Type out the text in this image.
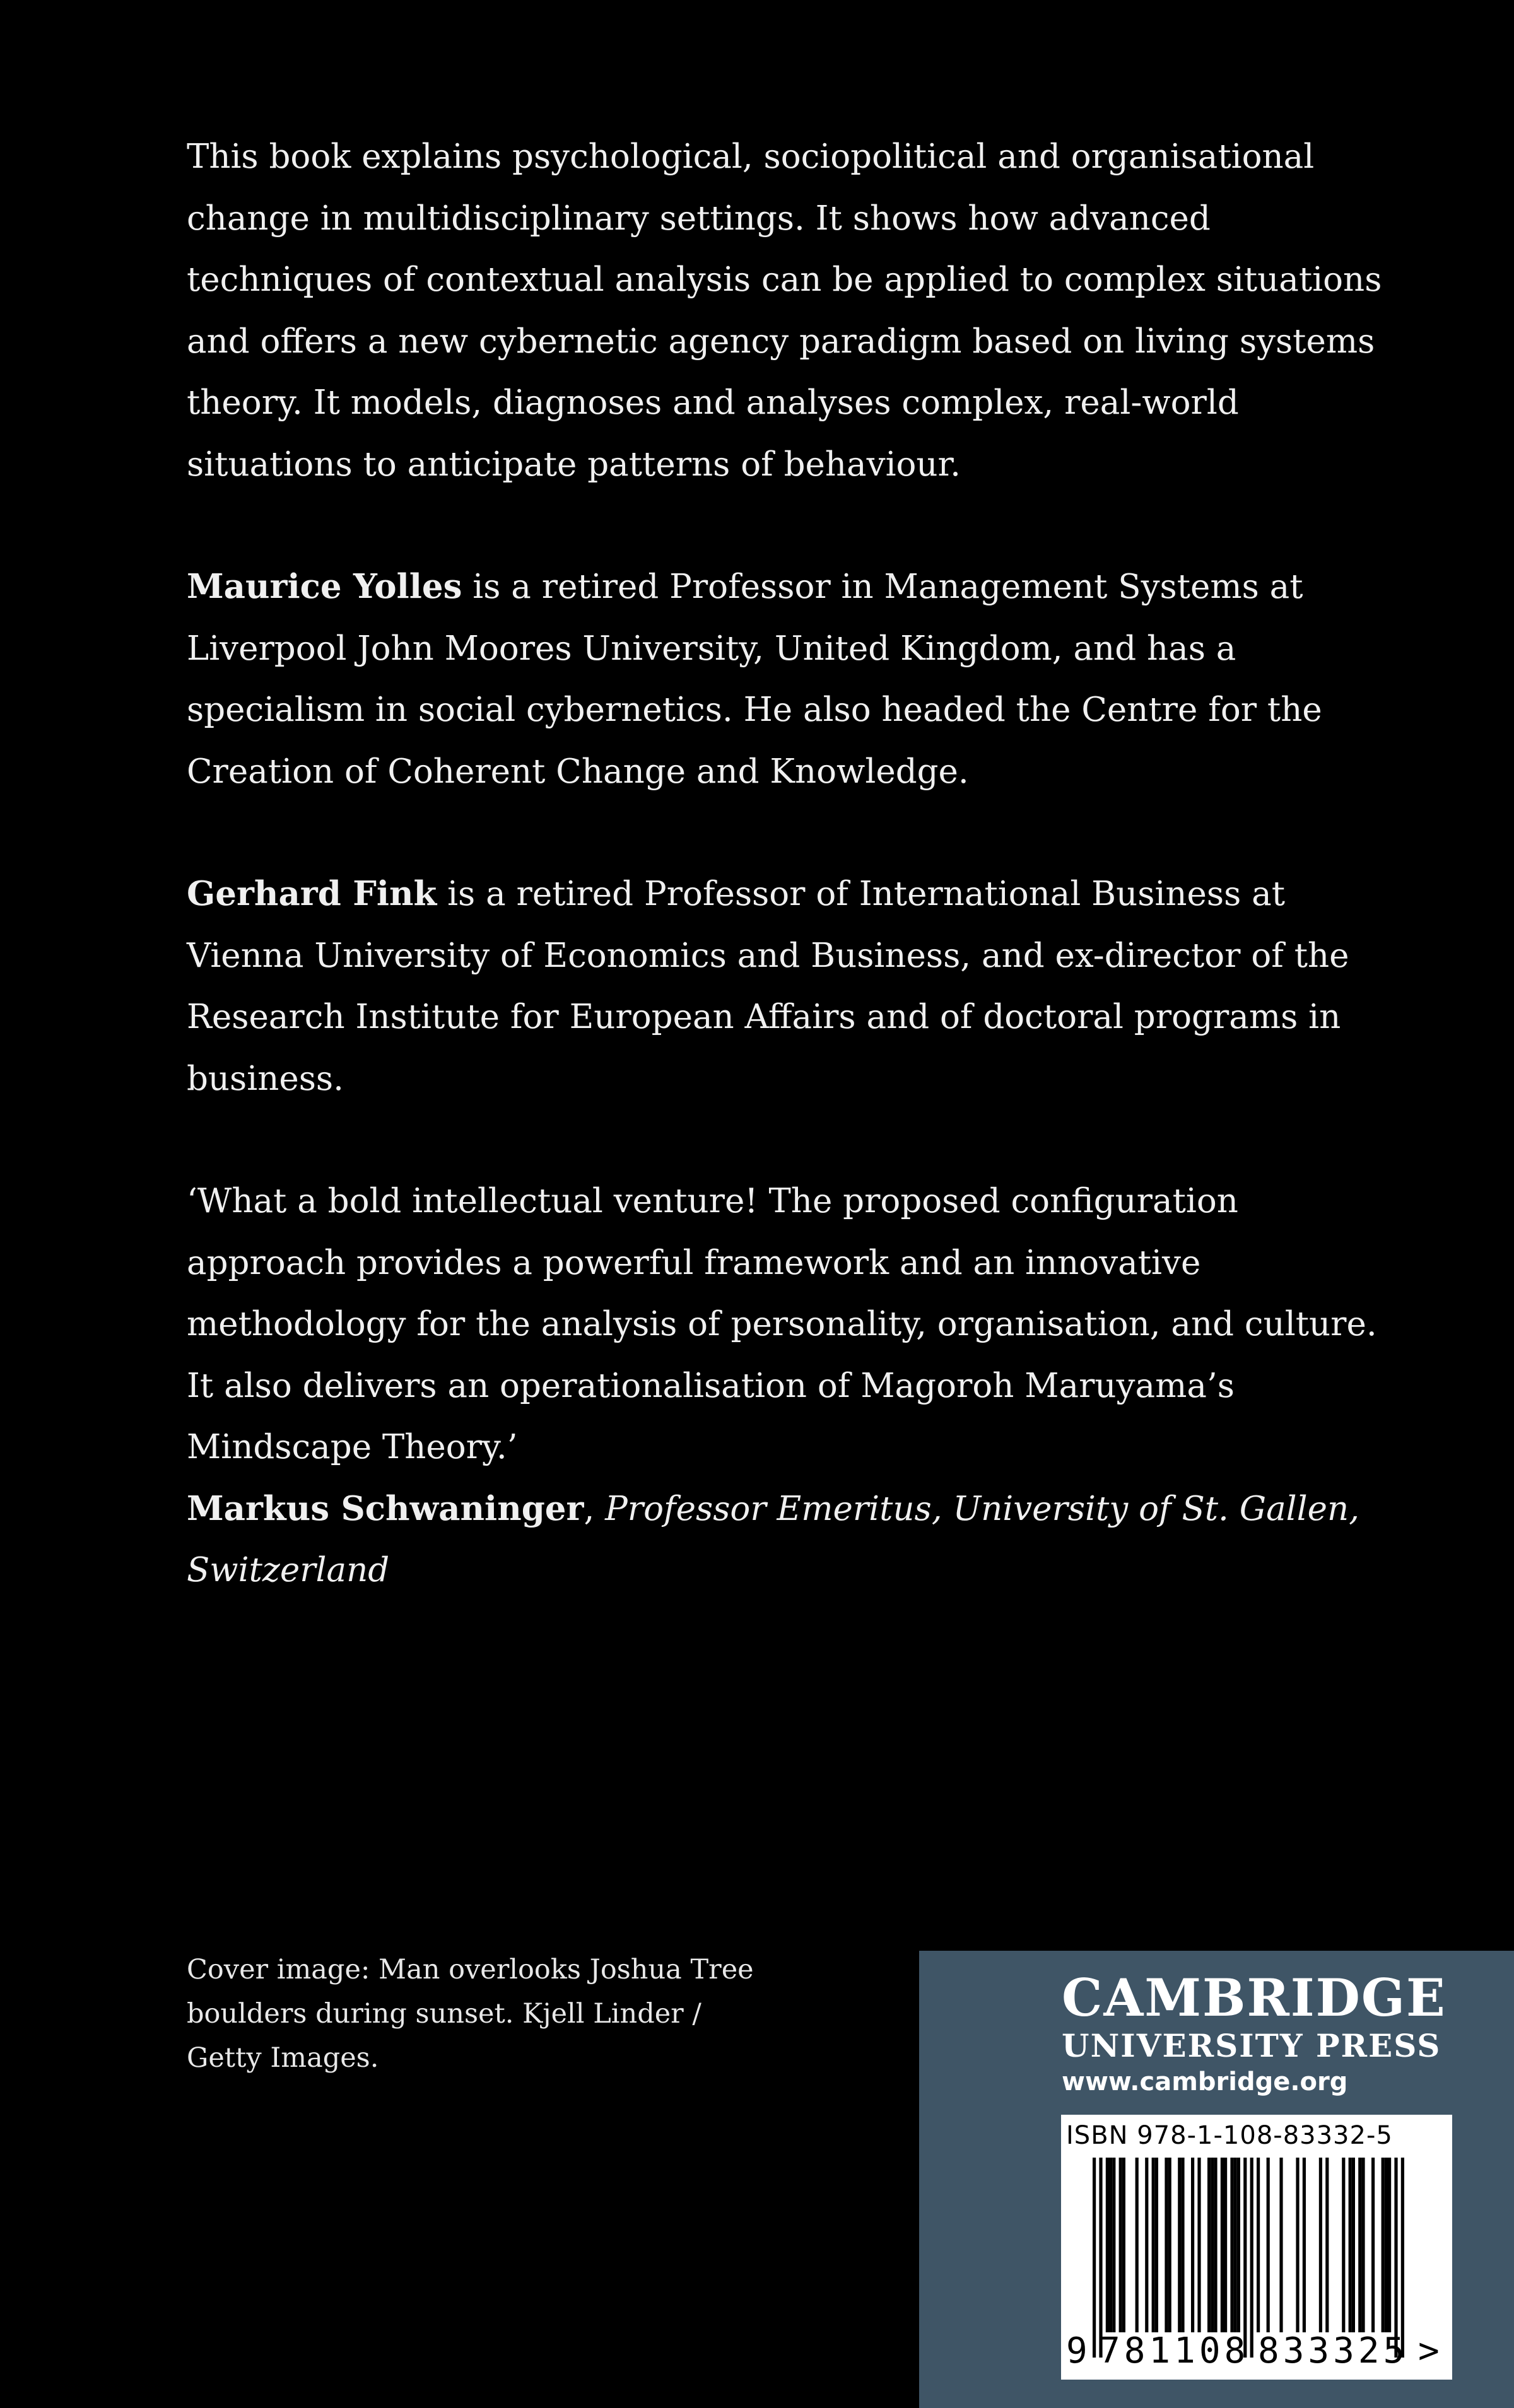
This book explains psychological, sociopolitical and organisational change in multidisciplinary settings. It shows how advanced techniques of contextual analysis can be applied to complex situations and offers a new cybernetic agency paradigm based on living systems theory. It models, diagnoses and analyses complex, real-world situations to anticipate patterns of behaviour.

Maurice Yolles is a retired Professor in Management Systems at Liverpool John Moores University, United Kingdom, and has a specialism in social cybernetics. He also headed the Centre for the Creation of Coherent Change and Knowledge.

Gerhard Fink is a retired Professor of International Business at Vienna University of Economics and Business, and ex-director of the Research Institute for European Affairs and of doctoral programs in business.

‘What a bold intellectual venture! The proposed configuration approach provides a powerful framework and an innovative methodology for the analysis of personality, organisation, and culture. It also delivers an operationalisation of Magoroh Maruyama’s Mindscape Theory.’
Markus Schwaninger, Professor Emeritus, University of St. Gallen, Switzerland

Cover image: Man overlooks Joshua Tree boulders during sunset. Kjell Linder / Getty Images.
CAMBRIDGE
UNIVERSITY PRESS
www.cambridge.org
ISBN 978-1-108-83332-5
9 781108 833325 >
